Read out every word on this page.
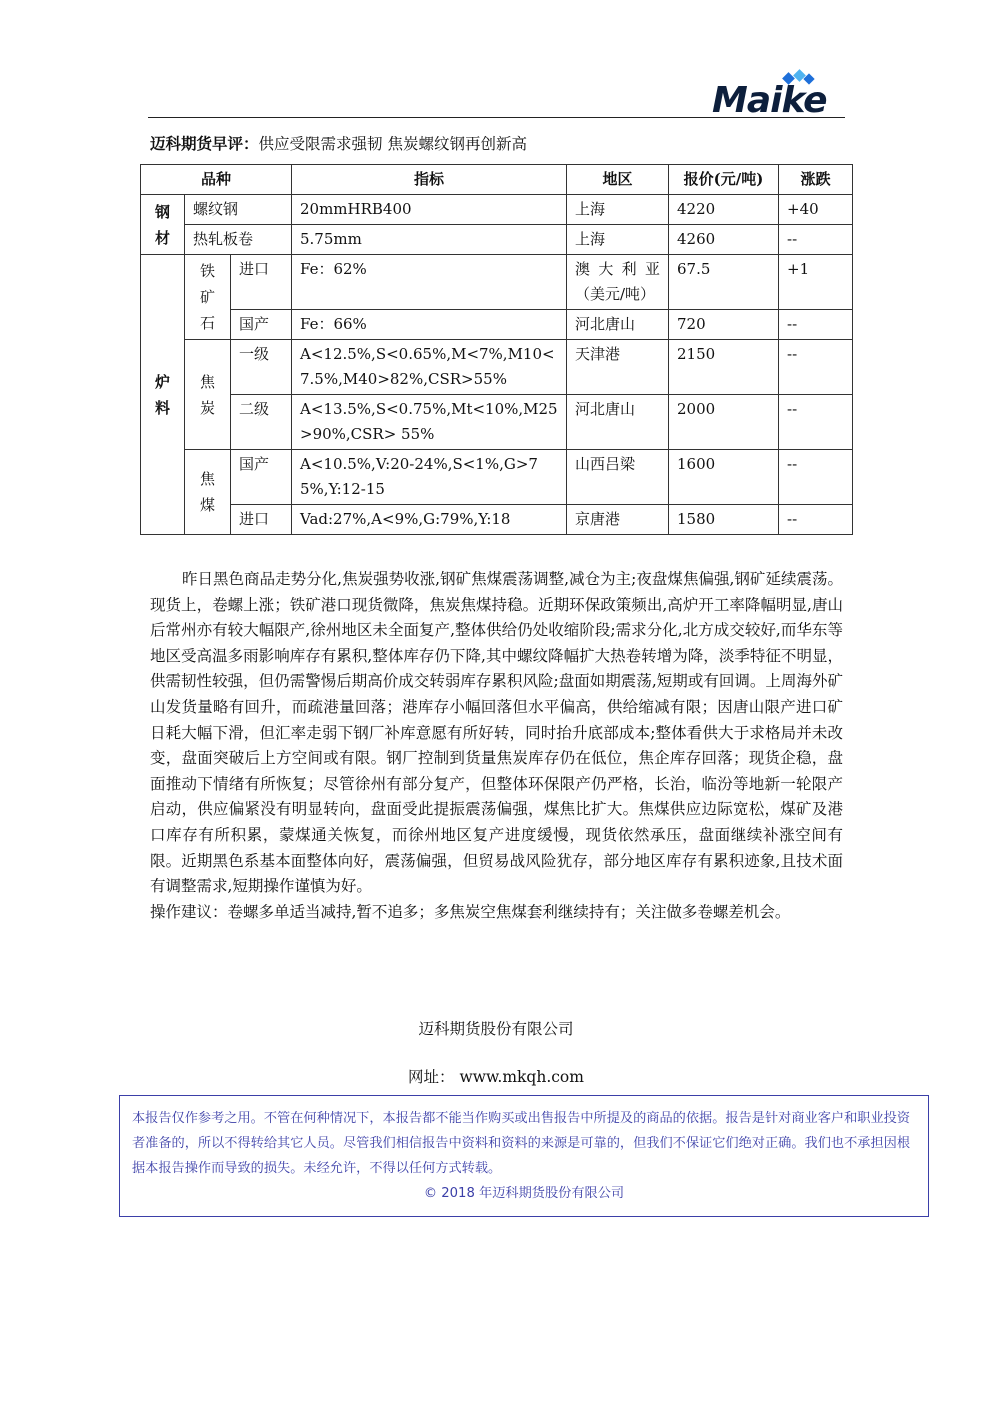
Maike
迈科期货早评：供应受限需求强韧 焦炭螺纹钢再创新高
品种			指标	地区	报价(元/吨)	涨跌

钢材	螺纹钢		20mmHRB400	上海	4220	+40
	热轧板卷		5.75mm	上海	4260	--

炉料	铁矿石	进口	Fe：62%	澳大利亚（美元/吨）	67.5	+1
		国产	Fe：66%	河北唐山	720	--

	焦炭	一级	A<12.5%,S<0.65%,M<7%,M10<7.5%,M40>82%,CSR>55%	天津港	2150	--
		二级	A<13.5%,S<0.75%,Mt<10%,M25>90%,CSR> 55%	河北唐山	2000	--

	焦煤	国产	A<10.5%,V:20-24%,S<1%,G>75%,Y:12-15	山西吕梁	1600	--
		进口	Vad:27%,A<9%,G:79%,Y:18	京唐港	1580	--

昨日黑色商品走势分化,焦炭强势收涨,钢矿焦煤震荡调整,减仓为主;夜盘煤焦偏强,钢矿延续震荡。现货上，卷螺上涨；铁矿港口现货微降，焦炭焦煤持稳。近期环保政策频出,高炉开工率降幅明显,唐山后常州亦有较大幅限产,徐州地区未全面复产,整体供给仍处收缩阶段;需求分化,北方成交较好,而华东等地区受高温多雨影响库存有累积,整体库存仍下降,其中螺纹降幅扩大热卷转增为降，淡季特征不明显，供需韧性较强，但仍需警惕后期高价成交转弱库存累积风险;盘面如期震荡,短期或有回调。上周海外矿山发货量略有回升，而疏港量回落；港库存小幅回落但水平偏高，供给缩减有限；因唐山限产进口矿日耗大幅下滑，但汇率走弱下钢厂补库意愿有所好转，同时抬升底部成本;整体看供大于求格局并未改变，盘面突破后上方空间或有限。钢厂控制到货量焦炭库存仍在低位，焦企库存回落；现货企稳，盘面推动下情绪有所恢复；尽管徐州有部分复产，但整体环保限产仍严格，长治，临汾等地新一轮限产启动，供应偏紧没有明显转向，盘面受此提振震荡偏强，煤焦比扩大。焦煤供应边际宽松，煤矿及港口库存有所积累，蒙煤通关恢复，而徐州地区复产进度缓慢，现货依然承压，盘面继续补涨空间有限。近期黑色系基本面整体向好，震荡偏强，但贸易战风险犹存，部分地区库存有累积迹象,且技术面有调整需求,短期操作谨慎为好。

操作建议：卷螺多单适当减持,暂不追多；多焦炭空焦煤套利继续持有；关注做多卷螺差机会。

迈科期货股份有限公司
网址： www.mkqh.com
本报告仅作参考之用。不管在何种情况下，本报告都不能当作购买或出售报告中所提及的商品的依据。报告是针对商业客户和职业投资者准备的，所以不得转给其它人员。尽管我们相信报告中资料和资料的来源是可靠的，但我们不保证它们绝对正确。我们也不承担因根据本报告操作而导致的损失。未经允许，不得以任何方式转载。
© 2018 年迈科期货股份有限公司
